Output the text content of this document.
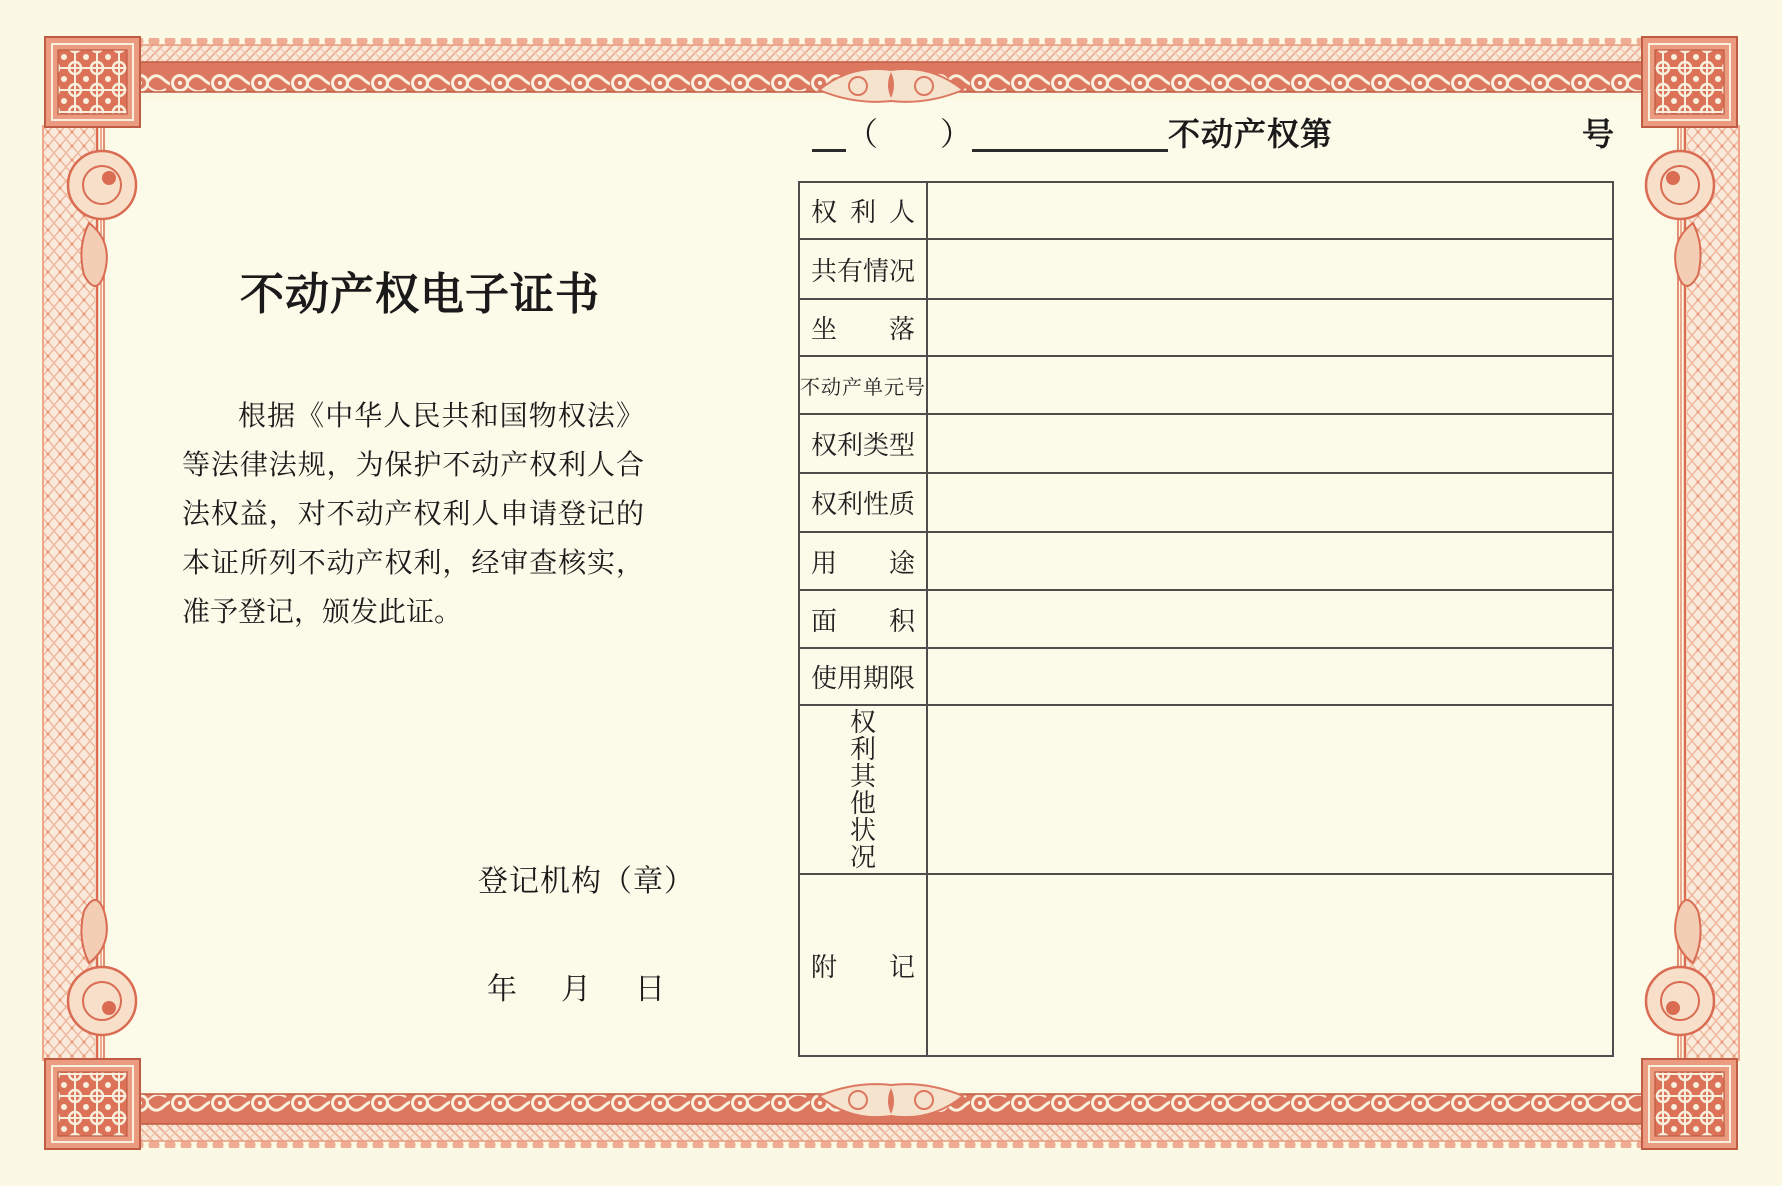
不动产权电子证书
根据《中华人民共和国物权法》
等法律法规，为保护不动产权利人合
法权益，对不动产权利人申请登记的
本证所列不动产权利，经审查核实，
准予登记，颁发此证。
登记机构（章）
年 月 日
（ ）	不动产权第	号
权利人
共有情况
坐落
不动产单元号
权利类型
权利性质
用途
面积
使用期限
权利其他状况
附记
